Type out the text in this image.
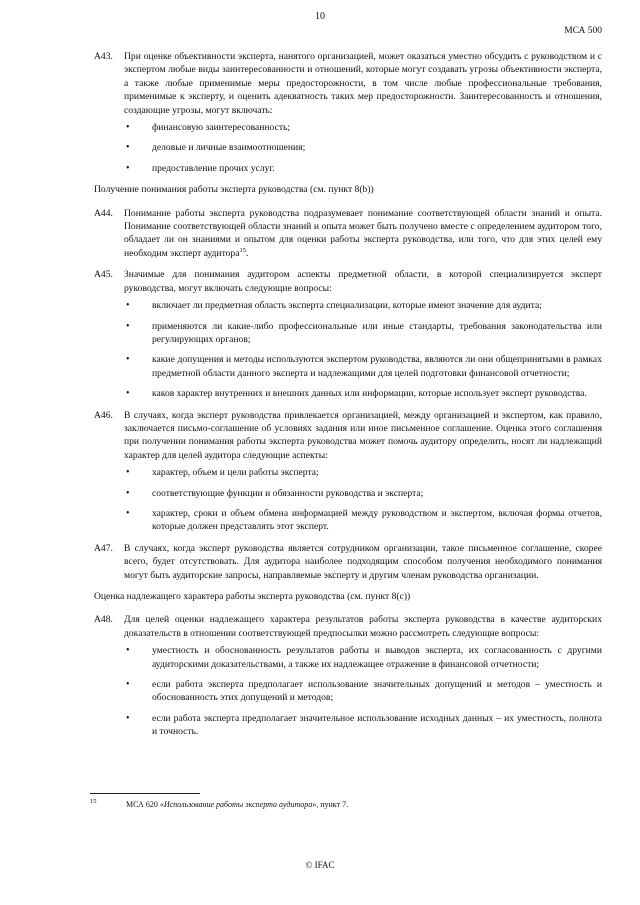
10
МСА 500
A43. При оценке объективности эксперта, нанятого организацией, может оказаться уместно обсудить с руководством и с экспертом любые виды заинтересованности и отношений, которые могут создавать угрозы объективности эксперта, а также любые применимые меры предосторожности, в том числе любые профессиональные требования, применимые к эксперту, и оценить адекватность таких мер предосторожности. Заинтересованность и отношения, создающие угрозы, могут включать:
• финансовую заинтересованность;
• деловые и личные взаимоотношения;
• предоставление прочих услуг.
Получение понимания работы эксперта руководства (см. пункт 8(b))
A44. Понимание работы эксперта руководства подразумевает понимание соответствующей области знаний и опыта. Понимание соответствующей области знаний и опыта может быть получено вместе с определением аудитором того, обладает ли он знаниями и опытом для оценки работы эксперта руководства, или того, что для этих целей ему необходим эксперт аудитора$^{15}$.
A45. Значимые для понимания аудитором аспекты предметной области, в которой специализируется эксперт руководства, могут включать следующие вопросы:
• включает ли предметная область эксперта специализации, которые имеют значение для аудита;
• применяются ли какие-либо профессиональные или иные стандарты, требования законодательства или регулирующих органов;
• какие допущения и методы используются экспертом руководства, являются ли они общепринятыми в рамках предметной области данного эксперта и надлежащими для целей подготовки финансовой отчетности;
• каков характер внутренних и внешних данных или информации, которые использует эксперт руководства.
A46. В случаях, когда эксперт руководства привлекается организацией, между организацией и экспертом, как правило, заключается письмо-соглашение об условиях задания или иное письменное соглашение. Оценка этого соглашения при получении понимания работы эксперта руководства может помочь аудитору определить, носят ли надлежащий характер для целей аудитора следующие аспекты:
• характер, объем и цели работы эксперта;
• соответствующие функции и обязанности руководства и эксперта;
• характер, сроки и объем обмена информацией между руководством и экспертом, включая формы отчетов, которые должен представлять этот эксперт.
A47. В случаях, когда эксперт руководства является сотрудником организации, такое письменное соглашение, скорее всего, будет отсутствовать. Для аудитора наиболее подходящим способом получения необходимого понимания могут быть аудиторские запросы, направляемые эксперту и другим членам руководства организации.
Оценка надлежащего характера работы эксперта руководства (см. пункт 8(c))
A48. Для целей оценки надлежащего характера результатов работы эксперта руководства в качестве аудиторских доказательств в отношении соответствующей предпосылки можно рассмотреть следующие вопросы:
• уместность и обоснованность результатов работы и выводов эксперта, их согласованность с другими аудиторскими доказательствами, а также их надлежащее отражение в финансовой отчетности;
• если работа эксперта предполагает использование значительных допущений и методов – уместность и обоснованность этих допущений и методов;
• если работа эксперта предполагает значительное использование исходных данных – их уместность, полнота и точность.
15	МСА 620 «Использование работы эксперта аудитора», пункт 7.
© IFAC
